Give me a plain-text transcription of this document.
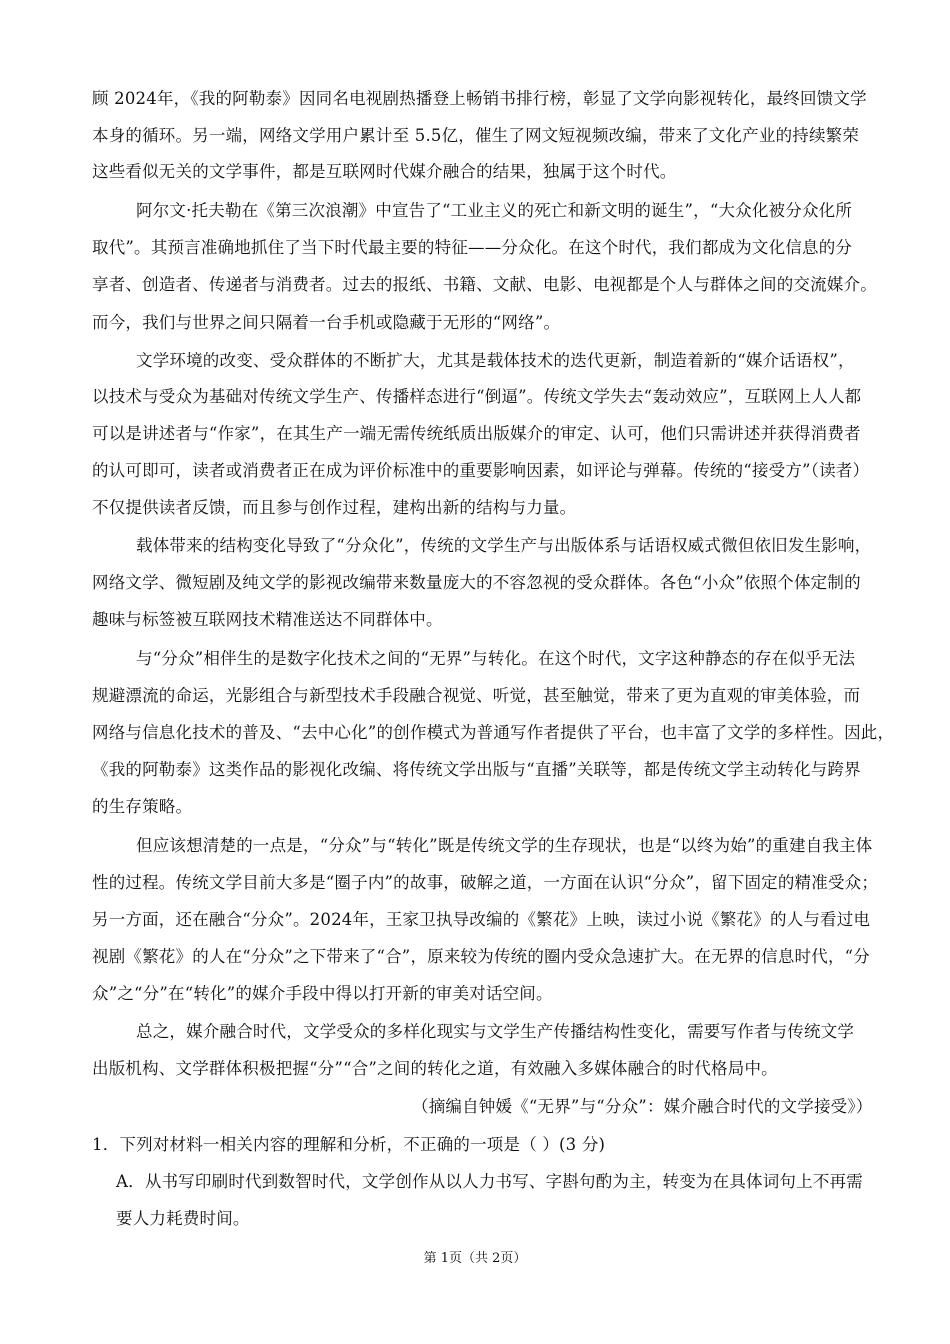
顾 2024年，《我的阿勒泰》因同名电视剧热播登上畅销书排行榜，彰显了文学向影视转化，最终回馈文学
本身的循环。另一端，网络文学用户累计至 5.5亿，催生了网文短视频改编，带来了文化产业的持续繁荣
这些看似无关的文学事件，都是互联网时代媒介融合的结果，独属于这个时代。
阿尔文·托夫勒在《第三次浪潮》中宣告了“工业主义的死亡和新文明的诞生”，“大众化被分众化所
取代”。其预言准确地抓住了当下时代最主要的特征——分众化。在这个时代，我们都成为文化信息的分
享者、创造者、传递者与消费者。过去的报纸、书籍、文献、电影、电视都是个人与群体之间的交流媒介。
而今，我们与世界之间只隔着一台手机或隐藏于无形的“网络”。
文学环境的改变、受众群体的不断扩大，尤其是载体技术的迭代更新，制造着新的“媒介话语权”，
以技术与受众为基础对传统文学生产、传播样态进行“倒逼”。传统文学失去“轰动效应”，互联网上人人都
可以是讲述者与“作家”，在其生产一端无需传统纸质出版媒介的审定、认可，他们只需讲述并获得消费者
的认可即可，读者或消费者正在成为评价标准中的重要影响因素，如评论与弹幕。传统的“接受方”（读者）
不仅提供读者反馈，而且参与创作过程，建构出新的结构与力量。
载体带来的结构变化导致了“分众化”，传统的文学生产与出版体系与话语权威式微但依旧发生影响，
网络文学、微短剧及纯文学的影视改编带来数量庞大的不容忽视的受众群体。各色“小众”依照个体定制的
趣味与标签被互联网技术精准送达不同群体中。
与“分众”相伴生的是数字化技术之间的“无界”与转化。在这个时代，文字这种静态的存在似乎无法
规避漂流的命运，光影组合与新型技术手段融合视觉、听觉，甚至触觉，带来了更为直观的审美体验，而
网络与信息化技术的普及、“去中心化”的创作模式为普通写作者提供了平台，也丰富了文学的多样性。因此，
《我的阿勒泰》这类作品的影视化改编、将传统文学出版与“直播”关联等，都是传统文学主动转化与跨界
的生存策略。
但应该想清楚的一点是，“分众”与“转化”既是传统文学的生存现状，也是“以终为始”的重建自我主体
性的过程。传统文学目前大多是“圈子内”的故事，破解之道，一方面在认识“分众”，留下固定的精准受众；
另一方面，还在融合“分众”。2024年，王家卫执导改编的《繁花》上映，读过小说《繁花》的人与看过电
视剧《繁花》的人在“分众”之下带来了“合”，原来较为传统的圈内受众急速扩大。在无界的信息时代，“分
众”之“分”在“转化”的媒介手段中得以打开新的审美对话空间。
总之，媒介融合时代，文学受众的多样化现实与文学生产传播结构性变化，需要写作者与传统文学
出版机构、文学群体积极把握“分”“合”之间的转化之道，有效融入多媒体融合的时代格局中。
（摘编自钟媛《“无界”与“分众”：媒介融合时代的文学接受》）
1．下列对材料一相关内容的理解和分析，不正确的一项是（ ）(3 分)
A．从书写印刷时代到数智时代，文学创作从以人力书写、字斟句酌为主，转变为在具体词句上不再需
要人力耗费时间。
第 1页（共 2页）
